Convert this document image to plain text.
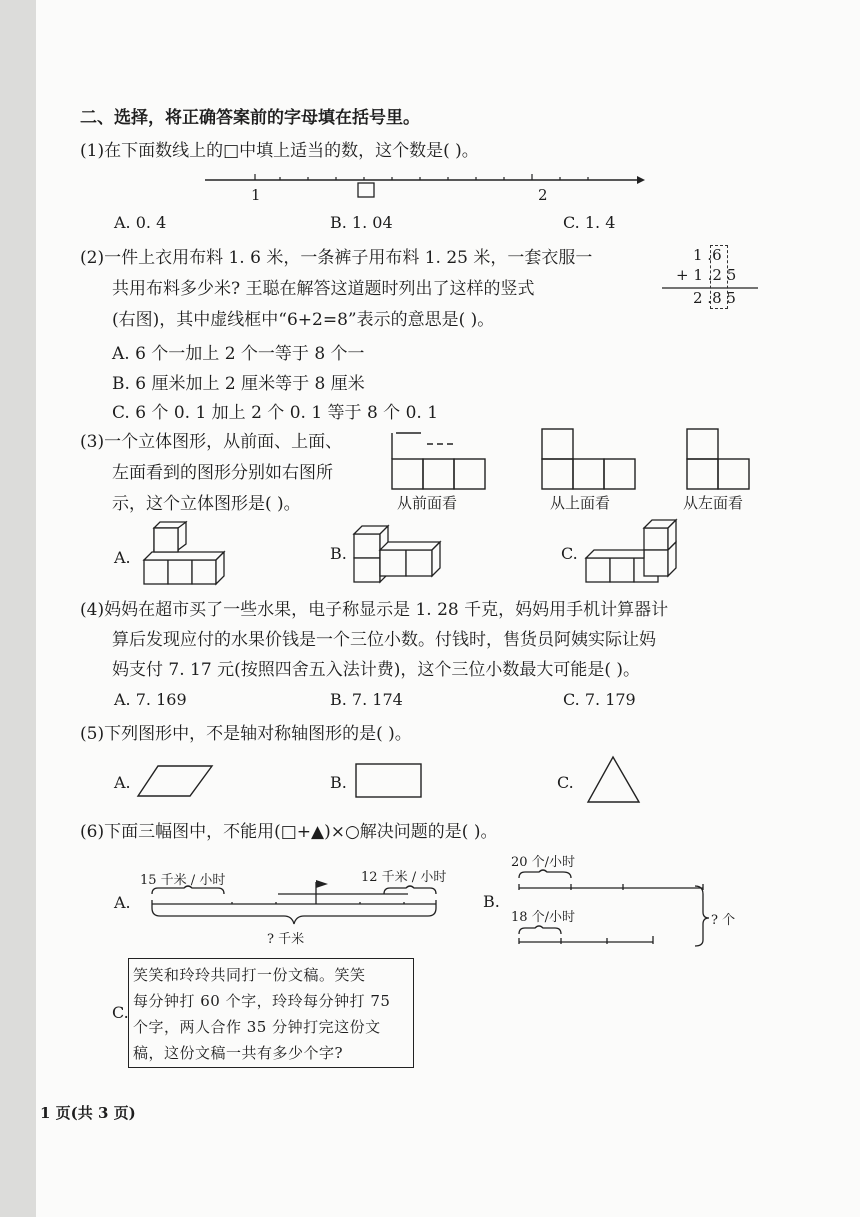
二、选择，将正确答案前的字母填在括号里。
(1)在下面数线上的□中填上适当的数，这个数是( )。
1	2
A. 0. 4	B. 1. 04	C. 1. 4
(2)一件上衣用布料 1. 6 米，一条裤子用布料 1. 25 米，一套衣服一
共用布料多少米? 王聪在解答这道题时列出了这样的竖式
(右图)，其中虚线框中“6+2=8”表示的意思是( )。
1 .6
+ 1 .2 5
2 .8 5
A. 6 个一加上 2 个一等于 8 个一
B. 6 厘米加上 2 厘米等于 8 厘米
C. 6 个 0. 1 加上 2 个 0. 1 等于 8 个 0. 1
(3)一个立体图形，从前面、上面、
左面看到的图形分别如右图所
示，这个立体图形是( )。	从前面看	从上面看	从左面看
A.	B.	C.
(4)妈妈在超市买了一些水果，电子称显示是 1. 28 千克，妈妈用手机计算器计
算后发现应付的水果价钱是一个三位小数。付钱时，售货员阿姨实际让妈
妈支付 7. 17 元(按照四舍五入法计费)，这个三位小数最大可能是( )。
A. 7. 169	B. 7. 174	C. 7. 179
(5)下列图形中，不是轴对称轴图形的是( )。
A.	B.	C.
(6)下面三幅图中，不能用(□+▲)×○解决问题的是( )。
A.
15 千米 / 小时	12 千米 / 小时
? 千米
B.
20 个/小时
18 个/小时	? 个
C.
笑笑和玲玲共同打一份文稿。笑笑
每分钟打 60 个字，玲玲每分钟打 75
个字，两人合作 35 分钟打完这份文
稿，这份文稿一共有多少个字?
1 页(共 3 页)
